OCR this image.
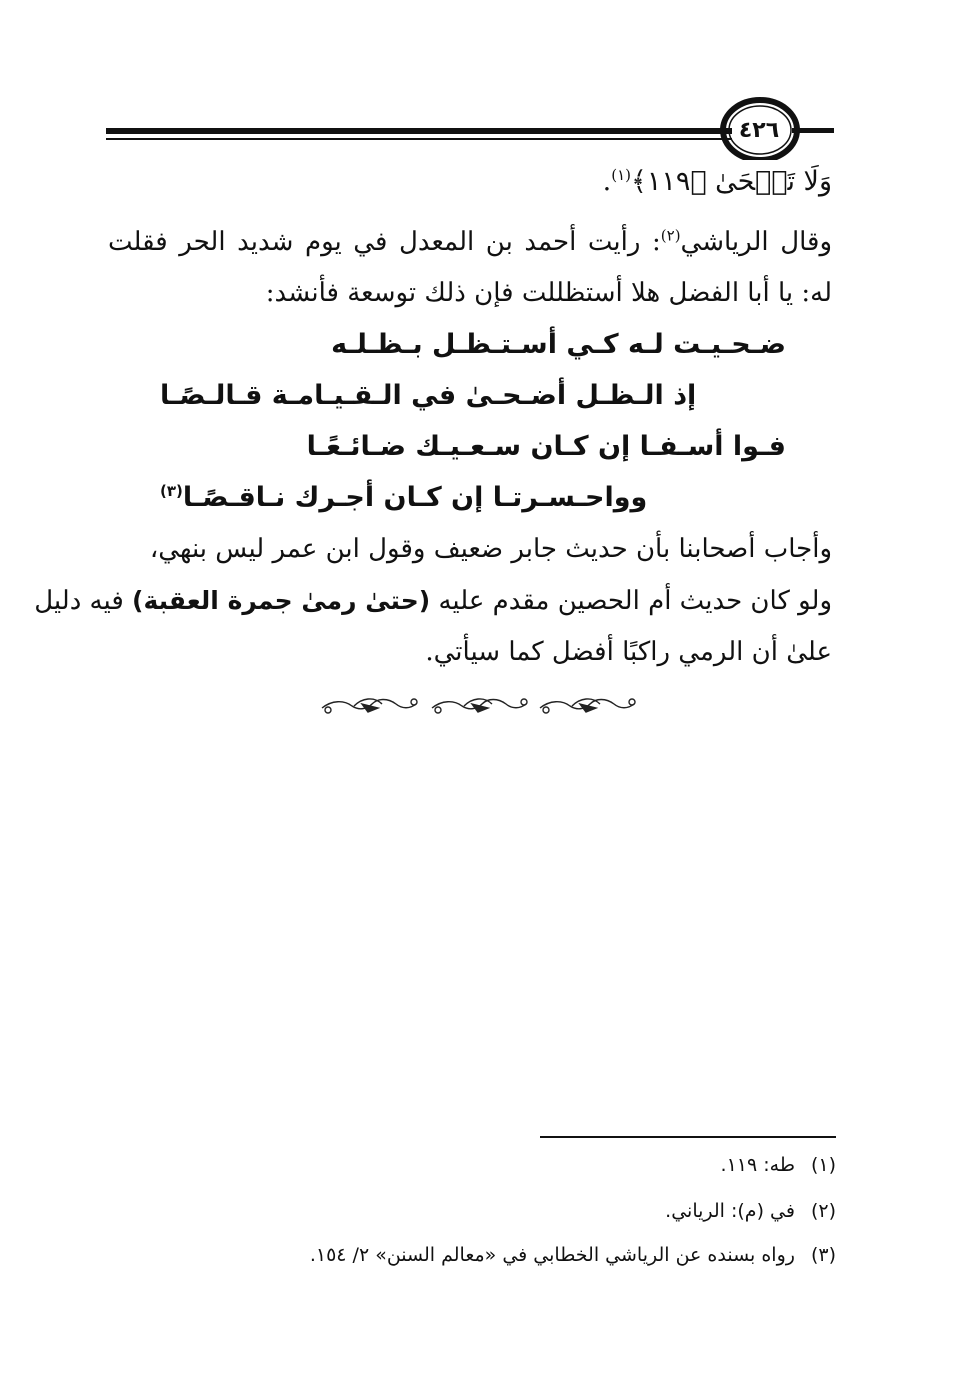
٤٢٦
وَلَا تَضۡحَىٰ ﴿١١٩﴾$^{(١)}$.
وقال الرياشي$^{(٢)}$: رأيت أحمد بن المعدل في يوم شديد الحر فقلت
له: يا أبا الفضل هلا أستظللت فإن ذلك توسعة فأنشد:
ضـحـيـت لـه كـي أسـتـظـل بـظـلـه
إذ الـظـل أضـحـىٰ في الـقـيـامـة قـالـصًـا
فـوا أسـفـا إن كـان سـعـيـك ضـائـعًـا
وواحـسـرتـا إن كـان أجـرك نـاقـصًـا$^{(٣)}$
وأجاب أصحابنا بأن حديث جابر ضعيف وقول ابن عمر ليس بنهي،
ولو كان حديث أم الحصين مقدم عليه (حتىٰ رمىٰ جمرة العقبة) فيه دليل
علىٰ أن الرمي راكبًا أفضل كما سيأتي.
(١)طه: ١١٩.
(٢)في (م): الرياني.
(٣)رواه بسنده عن الرياشي الخطابي في «معالم السنن» ٢/ ١٥٤.
